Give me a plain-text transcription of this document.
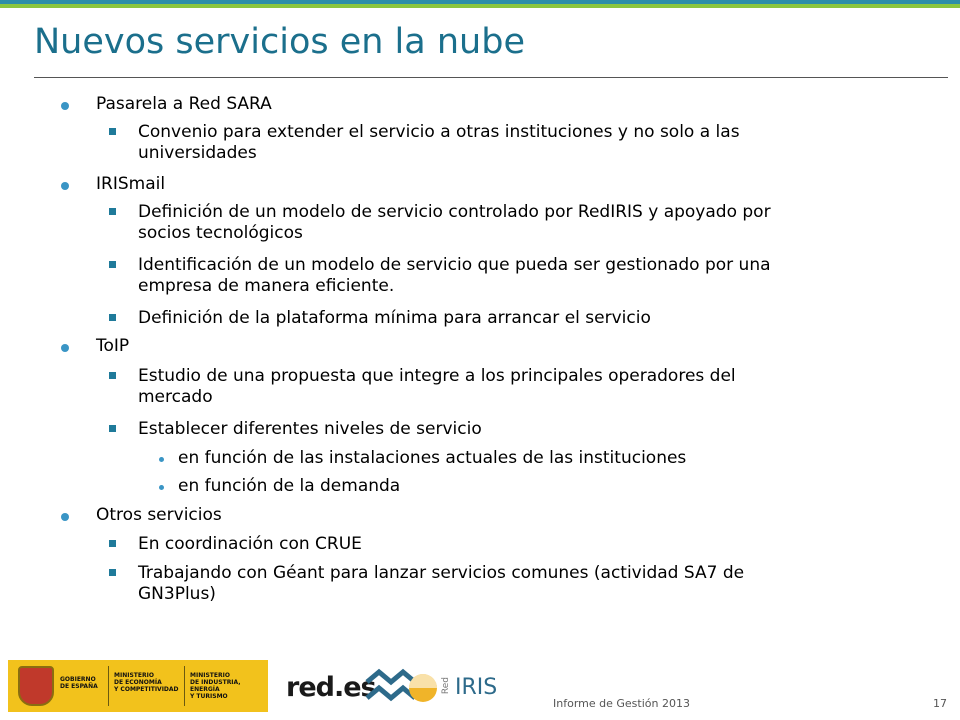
Nuevos servicios en la nube
Pasarela a Red SARA
Convenio para extender el servicio a otras instituciones y no solo a las
universidades
IRISmail
Definición de un modelo de servicio controlado por RedIRIS y apoyado por
socios tecnológicos
Identificación de un modelo de servicio que pueda ser gestionado por una
empresa de manera eficiente.
Definición de la plataforma mínima para arrancar el servicio
ToIP
Estudio de una propuesta que integre a los principales operadores del
mercado
Establecer diferentes niveles de servicio
en función de las instalaciones actuales de las instituciones
en función de la demanda
Otros servicios
En coordinación con CRUE
Trabajando con Géant para lanzar servicios comunes (actividad SA7 de
GN3Plus)
GOBIERNO
DE ESPAÑA
MINISTERIO
DE ECONOMÍA
Y COMPETITIVIDAD
MINISTERIO
DE INDUSTRIA, ENERGÍA
Y TURISMO	red.es	Red IRIS
Informe de Gestión 2013	17
